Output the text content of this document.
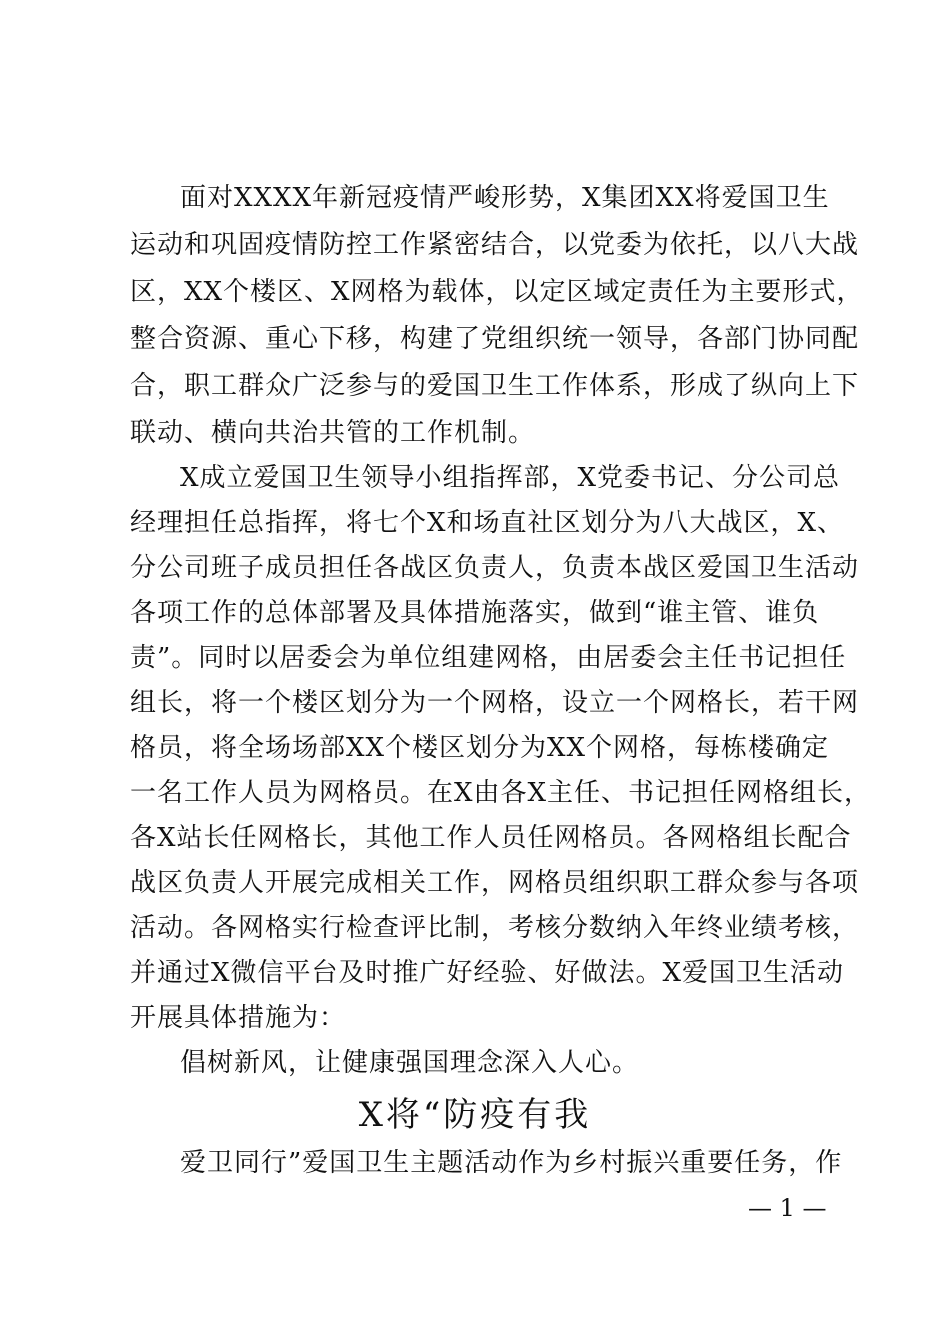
面对XXXX年新冠疫情严峻形势，X集团XX将爱国卫生
运动和巩固疫情防控工作紧密结合，以党委为依托，以八大战
区，XX个楼区、X网格为载体，以定区域定责任为主要形式，
整合资源、重心下移，构建了党组织统一领导，各部门协同配
合，职工群众广泛参与的爱国卫生工作体系，形成了纵向上下
联动、横向共治共管的工作机制。
X成立爱国卫生领导小组指挥部，X党委书记、分公司总
经理担任总指挥，将七个X和场直社区划分为八大战区，X、
分公司班子成员担任各战区负责人，负责本战区爱国卫生活动
各项工作的总体部署及具体措施落实，做到“谁主管、谁负
责”。同时以居委会为单位组建网格，由居委会主任书记担任
组长，将一个楼区划分为一个网格，设立一个网格长，若干网
格员，将全场场部XX个楼区划分为XX个网格，每栋楼确定
一名工作人员为网格员。在X由各X主任、书记担任网格组长，
各X站长任网格长，其他工作人员任网格员。各网格组长配合
战区负责人开展完成相关工作，网格员组织职工群众参与各项
活动。各网格实行检查评比制，考核分数纳入年终业绩考核，
并通过X微信平台及时推广好经验、好做法。X爱国卫生活动
开展具体措施为：
倡树新风，让健康强国理念深入人心。
X将“防疫有我
爱卫同行”爱国卫生主题活动作为乡村振兴重要任务，作
— 1 —
